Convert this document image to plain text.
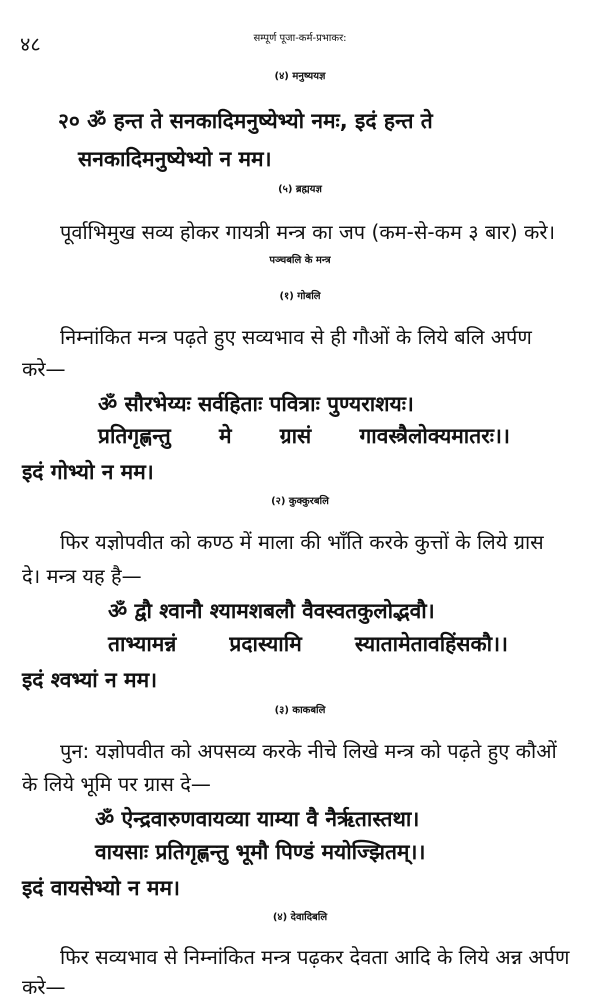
४८	सम्पूर्ण पूजा-कर्म-प्रभाकर:
(४) मनुष्ययज्ञ
२० ॐ हन्त ते सनकादिमनुष्येभ्यो नमः, इदं हन्त ते
सनकादिमनुष्येभ्यो न मम।
(५) ब्रह्मयज्ञ
पूर्वाभिमुख सव्य होकर गायत्री मन्त्र का जप (कम-से-कम ३ बार) करे।
पञ्चबलि के मन्त्र
(१) गोबलि
निम्नांकित मन्त्र पढ़ते हुए सव्यभाव से ही गौओं के लिये बलि अर्पण
करे—
ॐ सौरभेय्यः सर्वहिताः पवित्राः पुण्यराशयः।
प्रतिगृह्णन्तु मे ग्रासं गावस्त्रैलोक्यमातरः।।
इदं गोभ्यो न मम।
(२) कुक्कुरबलि
फिर यज्ञोपवीत को कण्ठ में माला की भाँति करके कुत्तों के लिये ग्रास
दे। मन्त्र यह है—
ॐ द्वौ श्वानौ श्यामशबलौ वैवस्वतकुलोद्भवौ।
ताभ्यामन्नं	प्रदास्यामि	स्यातामेतावहिंसकौ।।
इदं श्वभ्यां न मम।
(३) काकबलि
पुन: यज्ञोपवीत को अपसव्य करके नीचे लिखे मन्त्र को पढ़ते हुए कौओं
के लिये भूमि पर ग्रास दे—
ॐ ऐन्द्रवारुणवायव्या याम्या वै नैर्ऋतास्तथा।
वायसाः प्रतिगृह्णन्तु भूमौ पिण्डं मयोज्झितम्।।
इदं वायसेभ्यो न मम।
(४) देवादिबलि
फिर सव्यभाव से निम्नांकित मन्त्र पढ़कर देवता आदि के लिये अन्न अर्पण
करे—
